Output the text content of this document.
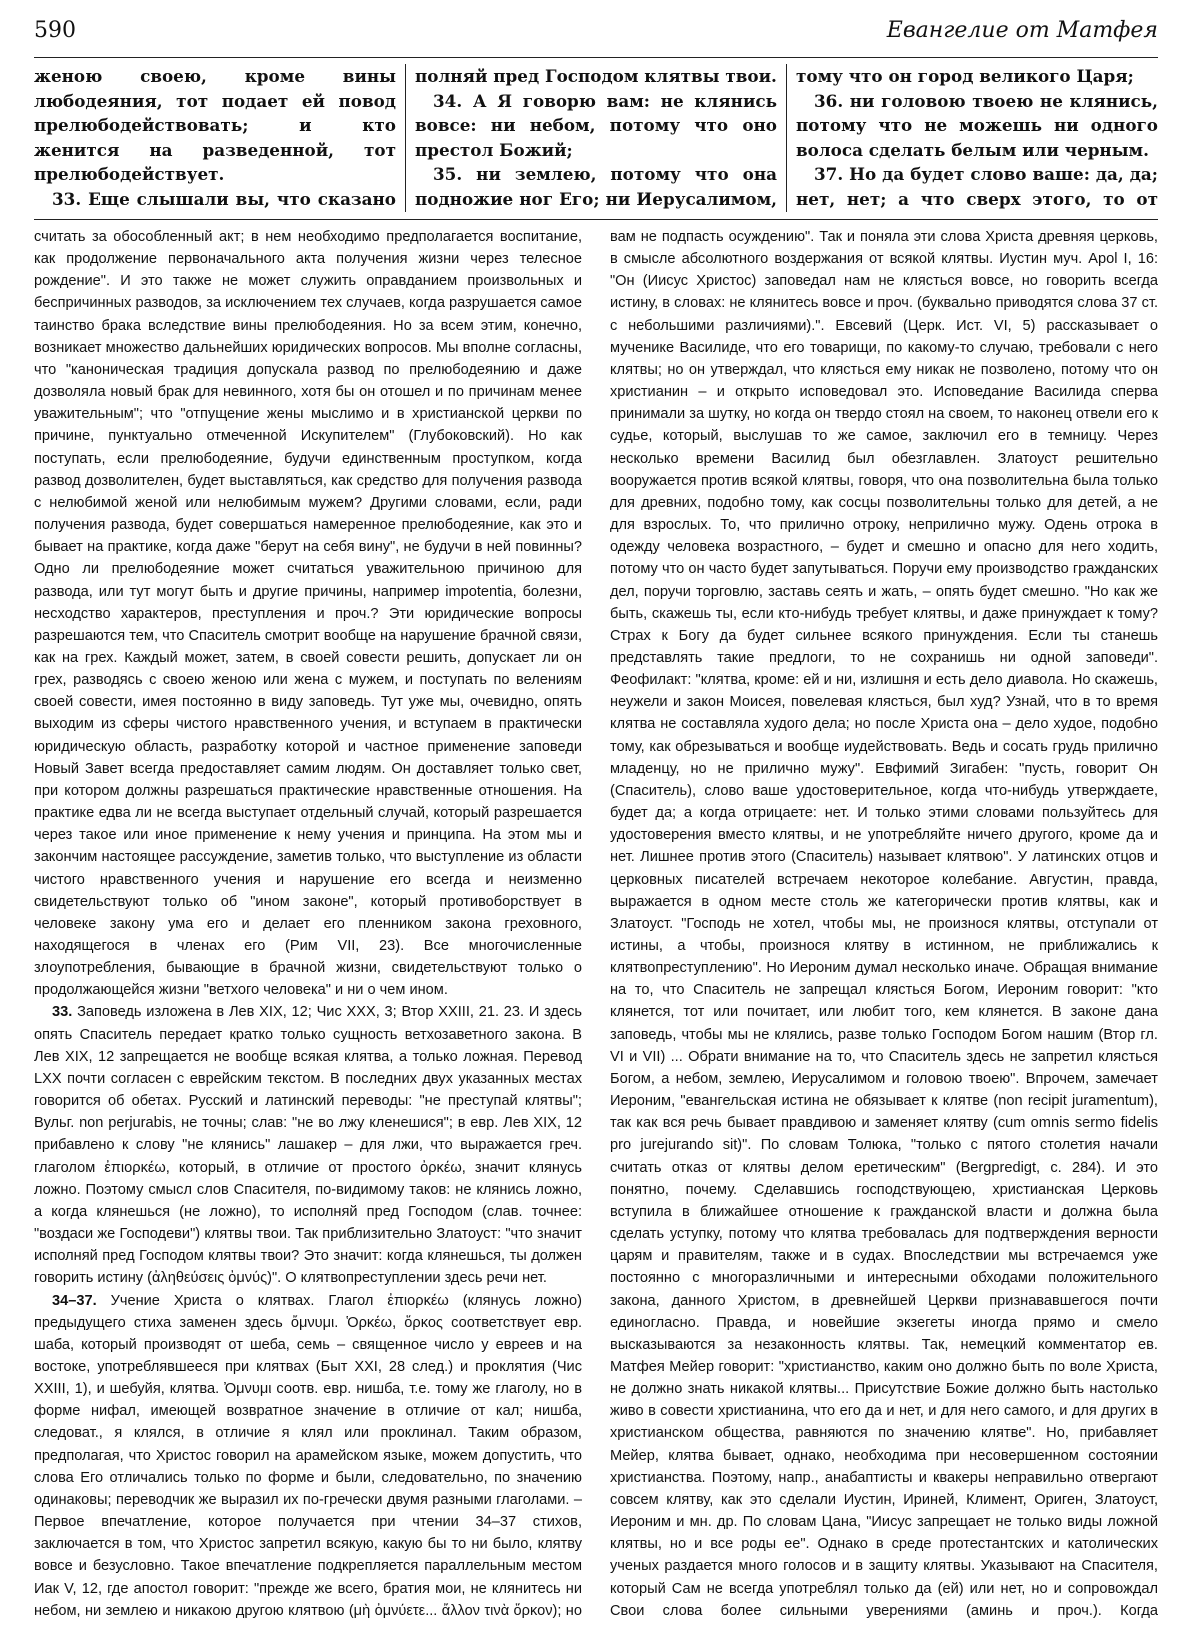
590	Евангелие от Матфея

женою своею, кроме вины любодеяния, тот подает ей повод прелюбодействовать; и кто женится на разведенной, тот прелюбодействует.

33. Еще слышали вы, что сказано

полняй пред Господом клятвы твои.

34. А Я говорю вам: не клянись вовсе: ни небом, потому что оно престол Божий;

35. ни землею, потому что она подножие ног Его; ни Иерусалимом,

тому что он город великого Царя;

36. ни головою твоею не клянись, потому что не можешь ни одного волоса сделать белым или черным.

37. Но да будет слово ваше: да, да; нет, нет; а что сверх этого, то от

считать за обособленный акт; в нем необходимо предполагается воспитание, как продолжение первоначального акта получения жизни через телесное рождение". И это также не может служить оправданием произвольных и беспричинных разводов, за исключением тех случаев, когда разрушается самое таинство брака вследствие вины прелюбодеяния. Но за всем этим, конечно, возникает множество дальнейших юридических вопросов. Мы вполне согласны, что "каноническая традиция допускала развод по прелюбодеянию и даже дозволяла новый брак для невинного, хотя бы он отошел и по причинам менее уважительным"; что "отпущение жены мыслимо и в христианской церкви по причине, пунктуально отмеченной Искупителем" (Глубоковский). Но как поступать, если прелюбодеяние, будучи единственным проступком, когда развод дозволителен, будет выставляться, как средство для получения развода с нелюбимой женой или нелюбимым мужем? Другими словами, если, ради получения развода, будет совершаться намеренное прелюбодеяние, как это и бывает на практике, когда даже "берут на себя вину", не будучи в ней повинны? Одно ли прелюбодеяние может считаться уважительною причиною для развода, или тут могут быть и другие причины, например impotentia, болезни, несходство характеров, преступления и проч.? Эти юридические вопросы разрешаются тем, что Спаситель смотрит вообще на нарушение брачной связи, как на грех. Каждый может, затем, в своей совести решить, допускает ли он грех, разводясь с своею женою или жена с мужем, и поступать по велениям своей совести, имея постоянно в виду заповедь. Тут уже мы, очевидно, опять выходим из сферы чистого нравственного учения, и вступаем в практически юридическую область, разработку которой и частное применение заповеди Новый Завет всегда предоставляет самим людям. Он доставляет только свет, при котором должны разрешаться практические нравственные отношения. На практике едва ли не всегда выступает отдельный случай, который разрешается через такое или иное применение к нему учения и принципа. На этом мы и закончим настоящее рассуждение, заметив только, что выступление из области чистого нравственного учения и нарушение его всегда и неизменно свидетельствуют только об "ином законе", который противоборствует в человеке закону ума его и делает его пленником закона греховного, находящегося в членах его (Рим VII, 23). Все многочисленные злоупотребления, бывающие в брачной жизни, свидетельствуют только о продолжающейся жизни "ветхого человека" и ни о чем ином.

33. Заповедь изложена в Лев XIX, 12; Чис XXX, 3; Втор XXIII, 21. 23. И здесь опять Спаситель передает кратко только сущность ветхозаветного закона. В Лев XIX, 12 запрещается не вообще всякая клятва, а только ложная. Перевод LXX почти согласен с еврейским текстом. В последних двух указанных местах говорится об обетах. Русский и латинский переводы: "не преступай клятвы"; Вульг. non perjurabis, не точны; слав: "не во лжу кленешися"; в евр. Лев XIX, 12 прибавлено к слову "не клянись" лашакер – для лжи, что выражается греч. глаголом ἐπιορκέω, который, в отличие от простого ὀρκέω, значит клянусь ложно. Поэтому смысл слов Спасителя, по-видимому таков: не клянись ложно, а когда клянешься (не ложно), то исполняй пред Господом (слав. точнее: "воздаси же Господеви") клятвы твои. Так приблизительно Златоуст: "что значит исполняй пред Господом клятвы твои? Это значит: когда клянешься, ты должен говорить истину (ἀληθεύσεις ὀμνύς)". О клятвопреступлении здесь речи нет.

34–37. Учение Христа о клятвах. Глагол ἐπιορκέω (клянусь ложно) предыдущего стиха заменен здесь ὄμνυμι. Ὁρκέω, ὅρκος соответствует евр. шаба, который производят от шеба, семь – священное число у евреев и на востоке, употреблявшееся при клятвах (Быт XXI, 28 след.) и проклятия (Чис XXIII, 1), и шебуйя, клятва. Ὀμνυμι соотв. евр. нишба, т.е. тому же глаголу, но в форме нифал, имеющей возвратное значение в отличие от кал; нишба, следоват., я клялся, в отличие я клял или проклинал. Таким образом, предполагая, что Христос говорил на арамейском языке, можем допустить, что слова Его отличались только по форме и были, следовательно, по значению одинаковы; переводчик же выразил их по-гречески двумя разными глаголами. – Первое впечатление, которое получается при чтении 34–37 стихов, заключается в том, что Христос запретил всякую, какую бы то ни было, клятву вовсе и безусловно. Такое впечатление подкрепляется параллельным местом Иак V, 12, где апостол говорит: "прежде же всего, братия мои, не клянитесь ни небом, ни землею и никакою другою клятвою (μὴ ὀμνύετε... ἄλλον τινὰ ὅρκον); но

вам не подпасть осуждению". Так и поняла эти слова Христа древняя церковь, в смысле абсолютного воздержания от всякой клятвы. Иустин муч. Apol I, 16: "Он (Иисус Христос) заповедал нам не клясться вовсе, но говорить всегда истину, в словах: не клянитесь вовсе и проч. (буквально приводятся слова 37 ст. с небольшими различиями).". Евсевий (Церк. Ист. VI, 5) рассказывает о мученике Василиде, что его товарищи, по какому-то случаю, требовали с него клятвы; но он утверждал, что клясться ему никак не позволено, потому что он христианин – и открыто исповедовал это. Исповедание Василида сперва принимали за шутку, но когда он твердо стоял на своем, то наконец отвели его к судье, который, выслушав то же самое, заключил его в темницу. Через несколько времени Василид был обезглавлен. Златоуст решительно вооружается против всякой клятвы, говоря, что она позволительна была только для древних, подобно тому, как сосцы позволительны только для детей, а не для взрослых. То, что прилично отроку, неприлично мужу. Одень отрока в одежду человека возрастного, – будет и смешно и опасно для него ходить, потому что он часто будет запутываться. Поручи ему производство гражданских дел, поручи торговлю, заставь сеять и жать, – опять будет смешно. "Но как же быть, скажешь ты, если кто-нибудь требует клятвы, и даже принуждает к тому? Страх к Богу да будет сильнее всякого принуждения. Если ты станешь представлять такие предлоги, то не сохранишь ни одной заповеди". Феофилакт: "клятва, кроме: ей и ни, излишня и есть дело диавола. Но скажешь, неужели и закон Моисея, повелевая клясться, был худ? Узнай, что в то время клятва не составляла худого дела; но после Христа она – дело худое, подобно тому, как обрезываться и вообще иудействовать. Ведь и сосать грудь прилично младенцу, но не прилично мужу". Евфимий Зигабен: "пусть, говорит Он (Спаситель), слово ваше удостоверительное, когда что-нибудь утверждаете, будет да; а когда отрицаете: нет. И только этими словами пользуйтесь для удостоверения вместо клятвы, и не употребляйте ничего другого, кроме да и нет. Лишнее против этого (Спаситель) называет клятвою". У латинских отцов и церковных писателей встречаем некоторое колебание. Августин, правда, выражается в одном месте столь же категорически против клятвы, как и Златоуст. "Господь не хотел, чтобы мы, не произнося клятвы, отступали от истины, а чтобы, произнося клятву в истинном, не приближались к клятвопреступлению". Но Иероним думал несколько иначе. Обращая внимание на то, что Спаситель не запрещал клясться Богом, Иероним говорит: "кто клянется, тот или почитает, или любит того, кем клянется. В законе дана заповедь, чтобы мы не клялись, разве только Господом Богом нашим (Втор гл. VI и VII) ... Обрати внимание на то, что Спаситель здесь не запретил клясться Богом, а небом, землею, Иерусалимом и головою твоею". Впрочем, замечает Иероним, "евангельская истина не обязывает к клятве (non recipit juramentum), так как вся речь бывает правдивою и заменяет клятву (cum omnis sermo fidelis pro jurejurando sit)". По словам Толюка, "только с пятого столетия начали считать отказ от клятвы делом еретическим" (Bergpredigt, с. 284). И это понятно, почему. Сделавшись господствующею, христианская Церковь вступила в ближайшее отношение к гражданской власти и должна была сделать уступку, потому что клятва требовалась для подтверждения верности царям и правителям, также и в судах. Впоследствии мы встречаемся уже постоянно с многоразличными и интересными обходами положительного закона, данного Христом, в древнейшей Церкви признававшегося почти единогласно. Правда, и новейшие экзегеты иногда прямо и смело высказываются за незаконность клятвы. Так, немецкий комментатор ев. Матфея Мейер говорит: "христианство, каким оно должно быть по воле Христа, не должно знать никакой клятвы... Присутствие Божие должно быть настолько живо в совести христианина, что его да и нет, и для него самого, и для других в христианском общества, равняются по значению клятве". Но, прибавляет Мейер, клятва бывает, однако, необходима при несовершенном состоянии христианства. Поэтому, напр., анабаптисты и квакеры неправильно отвергают совсем клятву, как это сделали Иустин, Ириней, Климент, Ориген, Златоуст, Иероним и мн. др. По словам Цана, "Иисус запрещает не только виды ложной клятвы, но и все роды ее". Однако в среде протестантских и католических ученых раздается много голосов и в защиту клятвы. Указывают на Спасителя, который Сам не всегда употреблял только да (ей) или нет, но и сопровождал Свои слова более сильными уверениями (аминь и проч.). Когда
